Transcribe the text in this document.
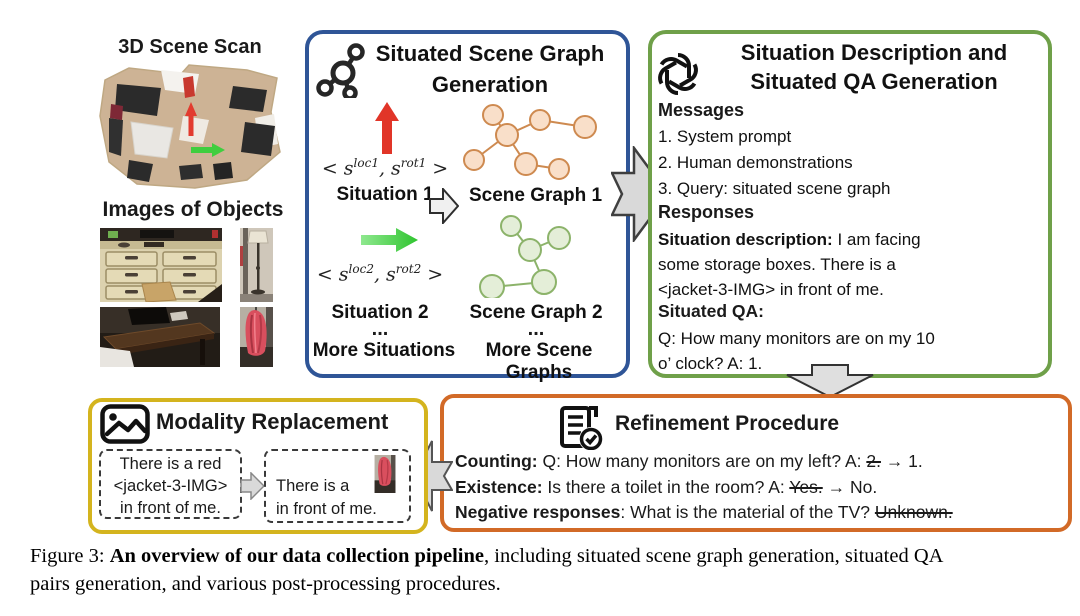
3D Scene Scan
Images of Objects
Situated Scene Graph
Generation
< $s^{loc1}$, $s^{rot1}$ >
Situation 1	Scene Graph 1
< $s^{loc2}$, $s^{rot2}$ >
Situation 2	Scene Graph 2
...	...
More Situations	More Scene Graphs
Situation Description and
Situated QA Generation
Messages
1. System prompt
2. Human demonstrations
3. Query: situated scene graph
Responses
Situation description: I am facing
some storage boxes. There is a
<jacket-3-IMG> in front of me.
Situated QA:
Q: How many monitors are on my 10
o’ clock? A: 1.
Refinement Procedure
Counting: Q: How many monitors are on my left? A: 2. → 1.
Existence: Is there a toilet in the room? A: Yes. → No.
Negative responses: What is the material of the TV? Unknown.
Modality Replacement
There is a red
<jacket-3-IMG>
in front of me.
There is a
in front of me.
Figure 3: An overview of our data collection pipeline, including situated scene graph generation, situated QA
pairs generation, and various post-processing procedures.
